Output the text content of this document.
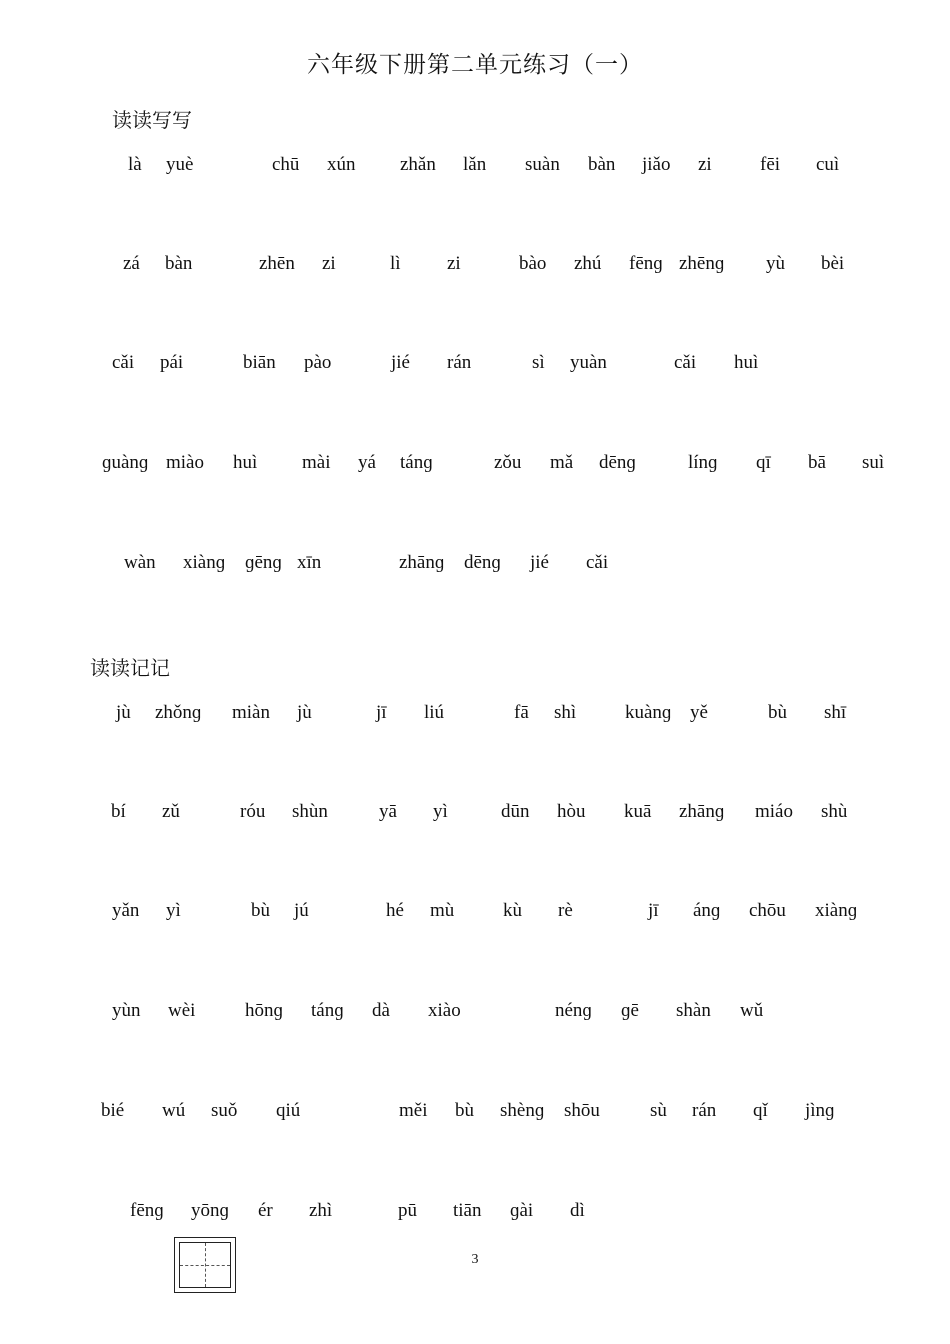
六年级下册第二单元练习（一）
读读写写
là yuè	chū xún zhǎn lǎn suàn bàn jiǎo zi	fēi cuì
zá bàn	zhēn zi	lì zi	bào zhú fēnɡ zhēnɡ yù bèi
cǎi pái	biān pào	jié rán	sì yuàn	cǎi huì
ɡuànɡ miào huì mài yá tánɡ	zǒu mǎ dēnɡ	línɡ qī bā suì
wàn xiànɡ ɡēnɡ xīn	zhānɡ dēnɡ jié cǎi
读读记记
jù zhǒnɡ miàn jù	jī liú	fā shì	kuànɡ yě	bù shī
bí zǔ	róu shùn	yā yì	dūn hòu kuā zhānɡ miáo shù
yǎn yì	bù jú	hé mù	kù rè	jī ánɡ chōu xiànɡ
yùn wèi	hōnɡ tánɡ dà xiào	nénɡ ɡē shàn wǔ
bié wú suǒ qiú	měi bù shènɡ shōu	sù rán qǐ jìnɡ
fēnɡ yōnɡ ér zhì	pū tiān ɡài dì
3
